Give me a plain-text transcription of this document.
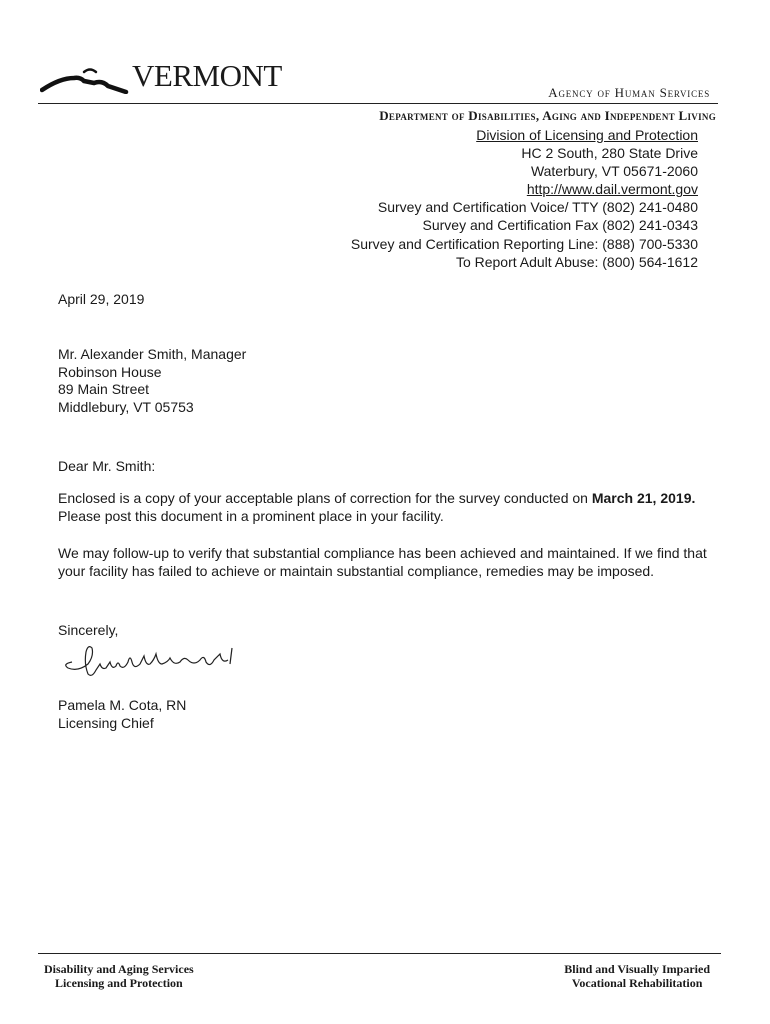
VERMONT	Agency of Human Services
Department of Disabilities, Aging and Independent Living
Division of Licensing and Protection
HC 2 South, 280 State Drive
Waterbury, VT 05671-2060
http://www.dail.vermont.gov
Survey and Certification Voice/ TTY (802) 241-0480
Survey and Certification Fax (802) 241-0343
Survey and Certification Reporting Line: (888) 700-5330
To Report Adult Abuse: (800) 564-1612
April 29, 2019
Mr. Alexander Smith, Manager
Robinson House
89 Main Street
Middlebury, VT 05753
Dear Mr. Smith:
Enclosed is a copy of your acceptable plans of correction for the survey conducted on March 21, 2019. Please post this document in a prominent place in your facility.
We may follow-up to verify that substantial compliance has been achieved and maintained. If we find that your facility has failed to achieve or maintain substantial compliance, remedies may be imposed.
Sincerely,
Pamela M. Cota, RN
Licensing Chief
Disability and Aging Services
Licensing and Protection
Blind and Visually Imparied
Vocational Rehabilitation
